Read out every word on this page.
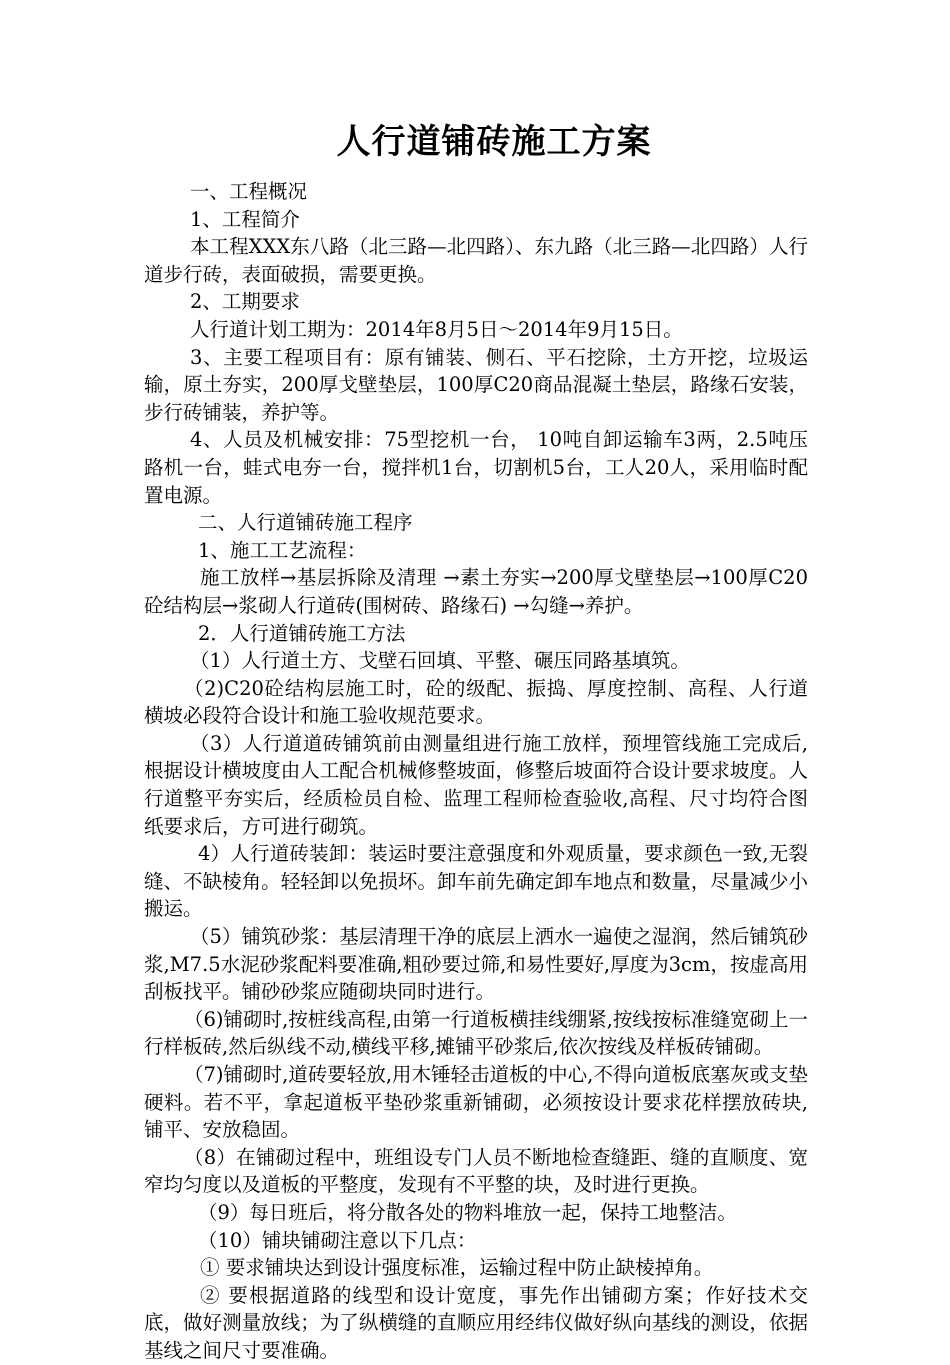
人行道铺砖施工方案

一、工程概况

1、工程简介

本工程XXX东八路（北三路—北四路）、东九路（北三路—北四路）人行道步行砖，表面破损，需要更换。

2、工期要求

人行道计划工期为：2014年8月5日～2014年9月15日。

3、主要工程项目有：原有铺装、侧石、平石挖除，土方开挖，垃圾运输，原土夯实，200厚戈壁垫层，100厚C20商品混凝土垫层，路缘石安装，步行砖铺装，养护等。

4、人员及机械安排：75型挖机一台， 10吨自卸运输车3两，2.5吨压路机一台，蛙式电夯一台，搅拌机1台，切割机5台，工人20人，采用临时配置电源。

二、人行道铺砖施工程序

1、施工工艺流程：

施工放样→基层拆除及清理 →素土夯实→200厚戈壁垫层→100厚C20砼结构层→浆砌人行道砖(围树砖、路缘石) →勾缝→养护。

2．人行道铺砖施工方法

（1）人行道土方、戈壁石回填、平整、碾压同路基填筑。

（2)C20砼结构层施工时，砼的级配、振捣、厚度控制、高程、人行道横坡必段符合设计和施工验收规范要求。

（3）人行道道砖铺筑前由测量组进行施工放样，预埋管线施工完成后,根据设计横坡度由人工配合机械修整坡面，修整后坡面符合设计要求坡度。人行道整平夯实后，经质检员自检、监理工程师检查验收,高程、尺寸均符合图纸要求后，方可进行砌筑。

4）人行道砖装卸：装运时要注意强度和外观质量，要求颜色一致,无裂缝、不缺棱角。轻轻卸以免损坏。卸车前先确定卸车地点和数量，尽量减少小搬运。

（5）铺筑砂浆：基层清理干净的底层上洒水一遍使之湿润，然后铺筑砂浆,M7.5水泥砂浆配料要准确,粗砂要过筛,和易性要好,厚度为3cm，按虚高用刮板找平。铺砂砂浆应随砌块同时进行。

（6)铺砌时,按桩线高程,由第一行道板横挂线绷紧,按线按标准缝宽砌上一行样板砖,然后纵线不动,横线平移,摊铺平砂浆后,依次按线及样板砖铺砌。

（7)铺砌时,道砖要轻放,用木锤轻击道板的中心,不得向道板底塞灰或支垫硬料。若不平，拿起道板平垫砂浆重新铺砌，必须按设计要求花样摆放砖块,铺平、安放稳固。

（8）在铺砌过程中，班组设专门人员不断地检查缝距、缝的直顺度、宽窄均匀度以及道板的平整度，发现有不平整的块，及时进行更换。

（9）每日班后，将分散各处的物料堆放一起，保持工地整洁。

（10）铺块铺砌注意以下几点：

① 要求铺块达到设计强度标准，运输过程中防止缺棱掉角。

② 要根据道路的线型和设计宽度，事先作出铺砌方案；作好技术交底，做好测量放线；为了纵横缝的直顺应用经纬仪做好纵向基线的测设，依据基线之间尺寸要准确。
